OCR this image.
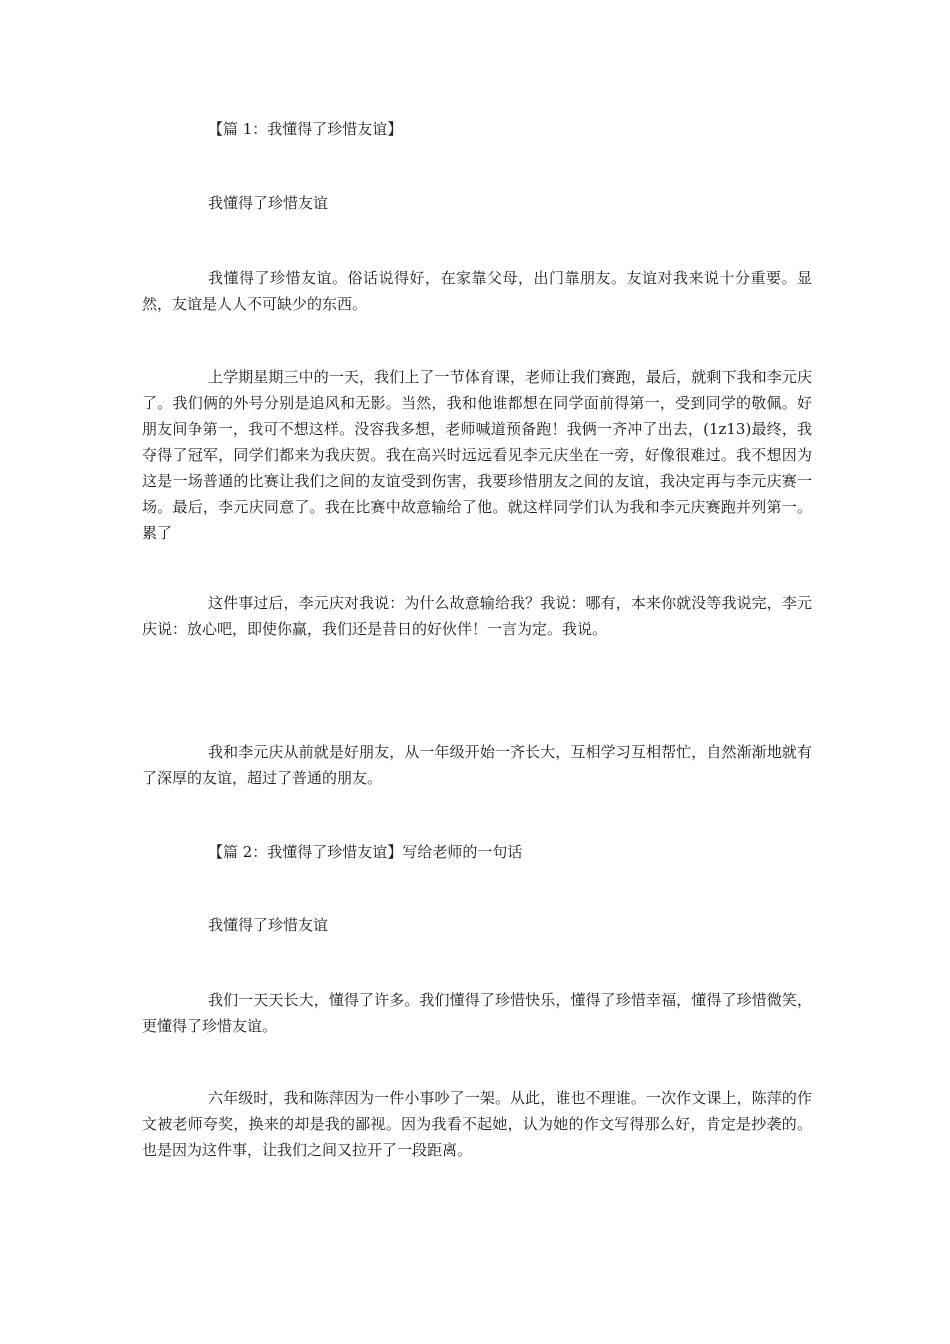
【篇 1：我懂得了珍惜友谊】

我懂得了珍惜友谊

我懂得了珍惜友谊。俗话说得好，在家靠父母，出门靠朋友。友谊对我来说十分重要。显然，友谊是人人不可缺少的东西。

上学期星期三中的一天，我们上了一节体育课，老师让我们赛跑，最后，就剩下我和李元庆了。我们俩的外号分别是追风和无影。当然，我和他谁都想在同学面前得第一，受到同学的敬佩。好朋友间争第一，我可不想这样。没容我多想，老师喊道预备跑！我俩一齐冲了出去，(1z13)最终，我夺得了冠军，同学们都来为我庆贺。我在高兴时远远看见李元庆坐在一旁，好像很难过。我不想因为这是一场普通的比赛让我们之间的友谊受到伤害，我要珍惜朋友之间的友谊，我决定再与李元庆赛一场。最后，李元庆同意了。我在比赛中故意输给了他。就这样同学们认为我和李元庆赛跑并列第一。累了

这件事过后，李元庆对我说：为什么故意输给我？我说：哪有，本来你就没等我说完，李元庆说：放心吧，即使你赢，我们还是昔日的好伙伴！一言为定。我说。

我和李元庆从前就是好朋友，从一年级开始一齐长大，互相学习互相帮忙，自然渐渐地就有了深厚的友谊，超过了普通的朋友。

【篇 2：我懂得了珍惜友谊】写给老师的一句话

我懂得了珍惜友谊

我们一天天长大，懂得了许多。我们懂得了珍惜快乐，懂得了珍惜幸福，懂得了珍惜微笑，更懂得了珍惜友谊。

六年级时，我和陈萍因为一件小事吵了一架。从此，谁也不理谁。一次作文课上，陈萍的作文被老师夸奖，换来的却是我的鄙视。因为我看不起她，认为她的作文写得那么好，肯定是抄袭的。也是因为这件事，让我们之间又拉开了一段距离。
